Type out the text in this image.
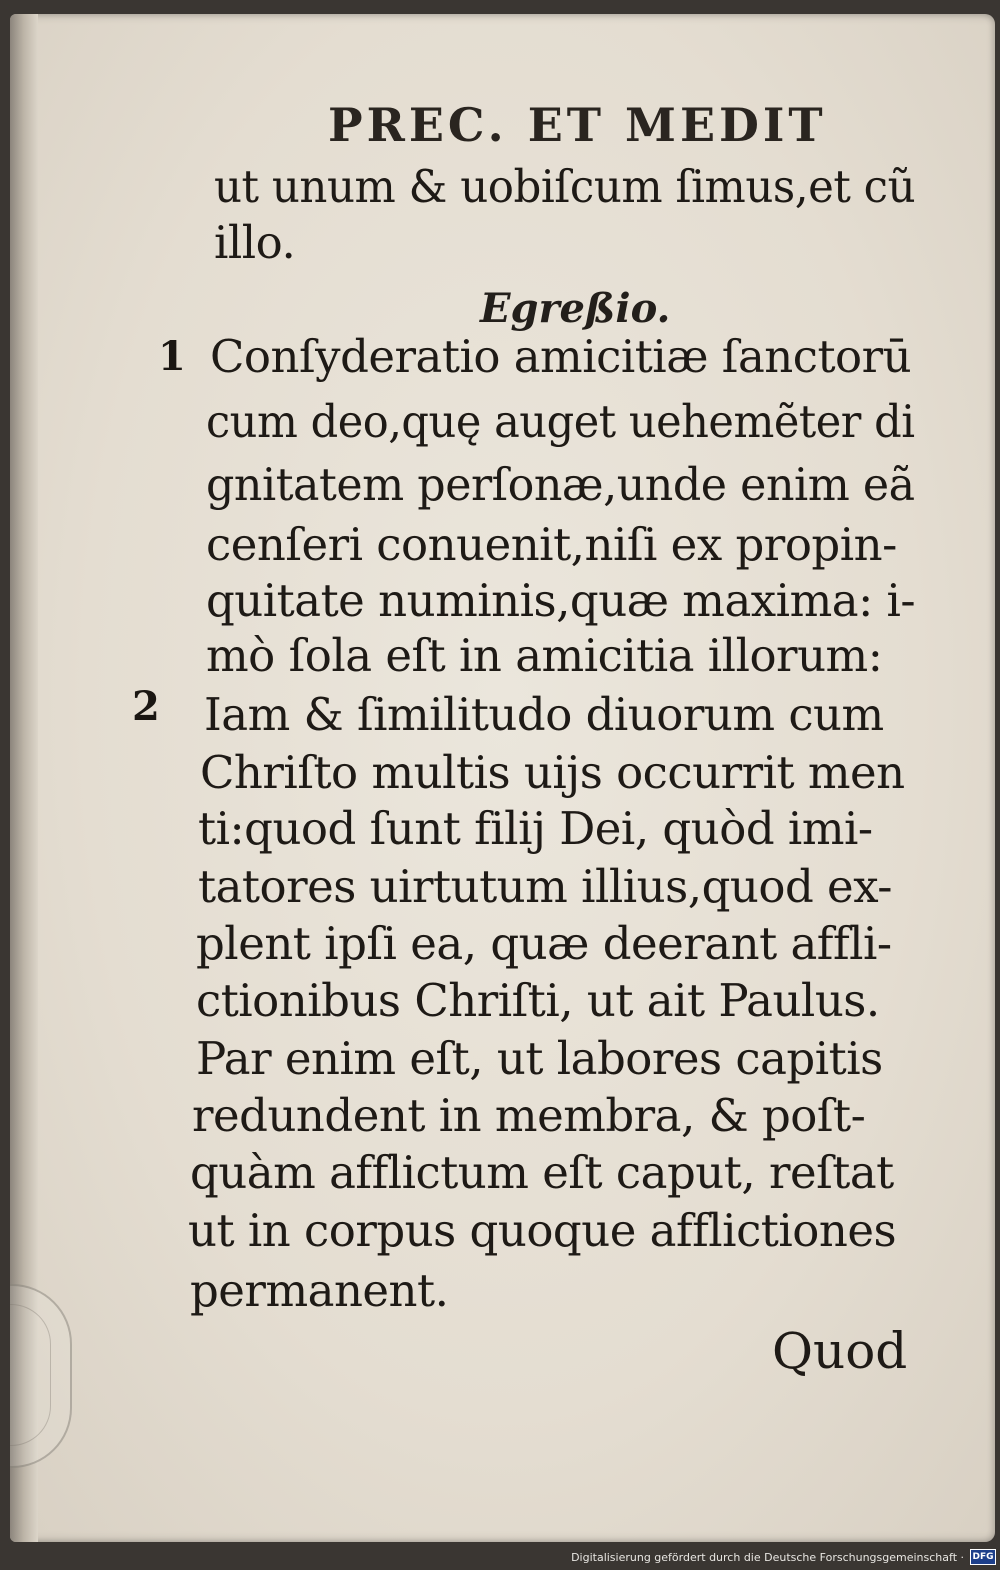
PREC. ET MEDIT
ut unum & uobiſcum ſimus,et cũ
illo.
Egreßio.
1 Conſyderatio amicitiæ ſanctorū
cum deo,quę auget uehemẽter di
gnitatem perſonæ,unde enim eã
cenſeri conuenit,niſi ex propin-
quitate numinis,quæ maxima: i-
mò ſola eſt in amicitia illorum:
2 Iam & ſimilitudo diuorum cum
Chriſto multis uijs occurrit men
ti:quod ſunt filij Dei, quòd imi-
tatores uirtutum illius,quod ex-
plent ipſi ea, quæ deerant affli-
ctionibus Chriſti, ut ait Paulus.
Par enim eſt, ut labores capitis
redundent in membra, & poſt-
quàm afflictum eſt caput, reſtat
ut in corpus quoque afflictiones
permanent.
Quod
Digitalisierung gefördert durch die Deutsche Forschungsgemeinschaft · DFG
